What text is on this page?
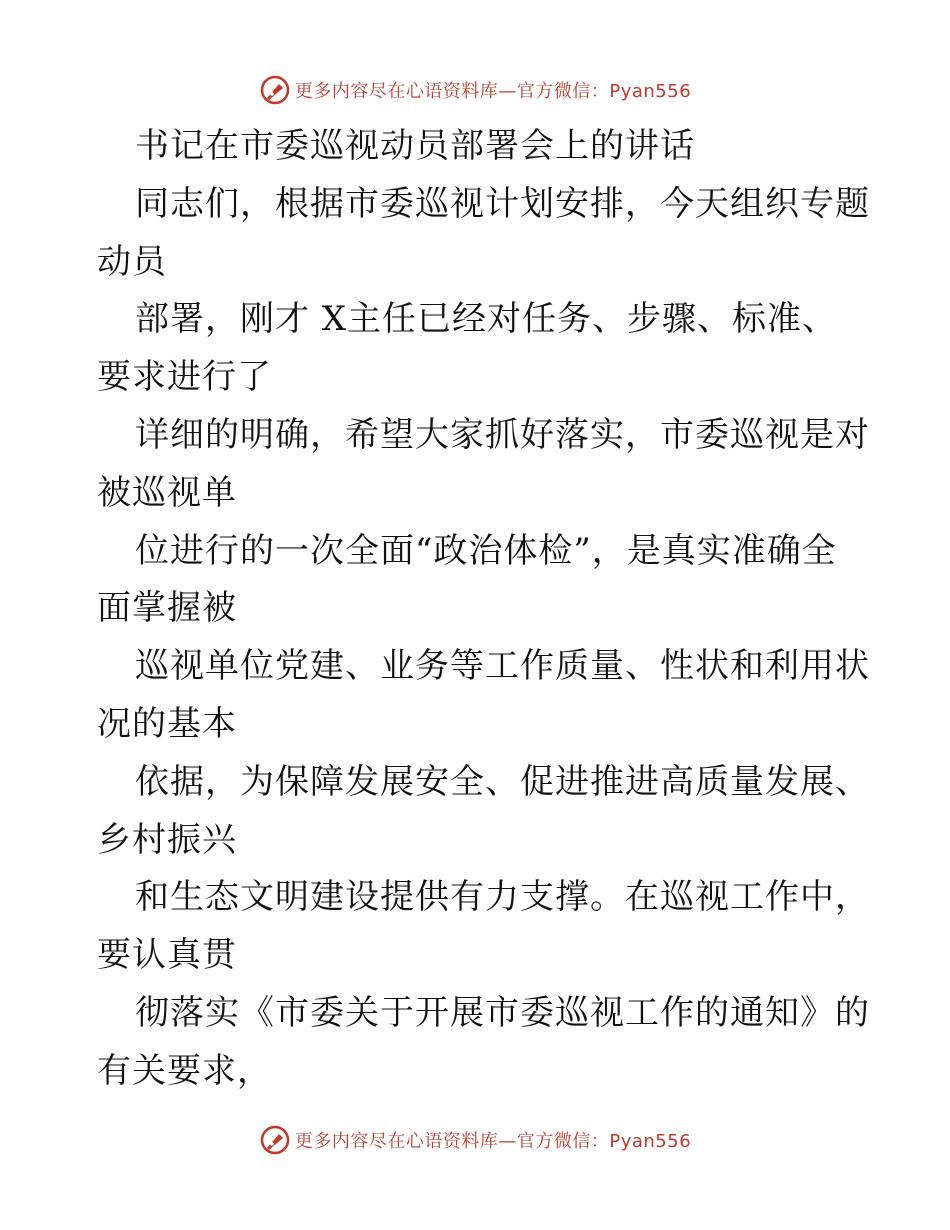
更多内容尽在心语资料库—官方微信：Pyan556
书记在市委巡视动员部署会上的讲话
同志们，根据市委巡视计划安排，今天组织专题
动员
部署，刚才 X主任已经对任务、步骤、标准、
要求进行了
详细的明确，希望大家抓好落实，市委巡视是对
被巡视单
位进行的一次全面“政治体检”，是真实准确全
面掌握被
巡视单位党建、业务等工作质量、性状和利用状
况的基本
依据，为保障发展安全、促进推进高质量发展、
乡村振兴
和生态文明建设提供有力支撑。在巡视工作中，
要认真贯
彻落实《市委关于开展市委巡视工作的通知》的
有关要求，
更多内容尽在心语资料库—官方微信：Pyan556
